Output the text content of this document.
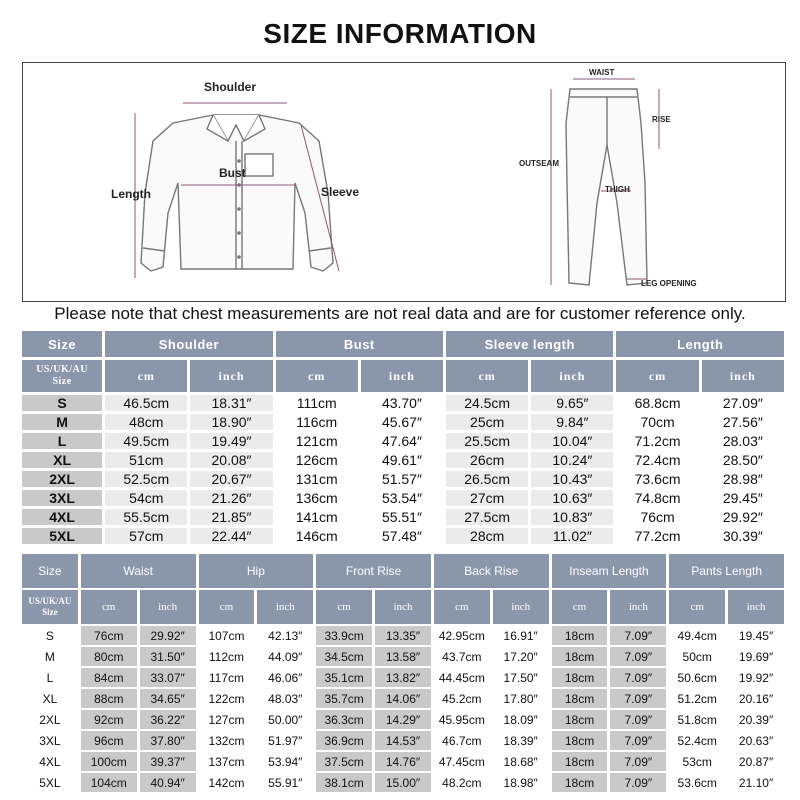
SIZE INFORMATION
Shoulder
Bust
Length	Sleeve
WAIST
RISE
OUTSEAM
THIGH
LEG OPENING
Please note that chest measurements are not real data and are for customer reference only.
Size	Shoulder		Bust		Sleeve length		Length	
US/UK/AU
Size	cm	inch	cm	inch	cm	inch	cm	inch
S	46.5cm	18.31″	111cm	43.70″	24.5cm	9.65″	68.8cm	27.09″
M	48cm	18.90″	116cm	45.67″	25cm	9.84″	70cm	27.56″
L	49.5cm	19.49″	121cm	47.64″	25.5cm	10.04″	71.2cm	28.03″
XL	51cm	20.08″	126cm	49.61″	26cm	10.24″	72.4cm	28.50″
2XL	52.5cm	20.67″	131cm	51.57″	26.5cm	10.43″	73.6cm	28.98″
3XL	54cm	21.26″	136cm	53.54″	27cm	10.63″	74.8cm	29.45″
4XL	55.5cm	21.85″	141cm	55.51″	27.5cm	10.83″	76cm	29.92″
5XL	57cm	22.44″	146cm	57.48″	28cm	11.02″	77.2cm	30.39″
Size	Waist		Hip		Front Rise		Back Rise		Inseam Length		Pants Length	
US/UK/AU
Size	cm	inch	cm	inch	cm	inch	cm	inch	cm	inch	cm	inch
S	76cm	29.92″	107cm	42.13″	33.9cm	13.35″	42.95cm	16.91″	18cm	7.09″	49.4cm	19.45″
M	80cm	31.50″	112cm	44.09″	34.5cm	13.58″	43.7cm	17.20″	18cm	7.09″	50cm	19.69″
L	84cm	33.07″	117cm	46.06″	35.1cm	13.82″	44.45cm	17.50″	18cm	7.09″	50.6cm	19.92″
XL	88cm	34.65″	122cm	48.03″	35.7cm	14.06″	45.2cm	17.80″	18cm	7.09″	51.2cm	20.16″
2XL	92cm	36.22″	127cm	50.00″	36.3cm	14.29″	45.95cm	18.09″	18cm	7.09″	51.8cm	20.39″
3XL	96cm	37.80″	132cm	51.97″	36.9cm	14.53″	46.7cm	18.39″	18cm	7.09″	52.4cm	20.63″
4XL	100cm	39.37″	137cm	53.94″	37.5cm	14.76″	47.45cm	18.68″	18cm	7.09″	53cm	20.87″
5XL	104cm	40.94″	142cm	55.91″	38.1cm	15.00″	48.2cm	18.98″	18cm	7.09″	53.6cm	21.10″
